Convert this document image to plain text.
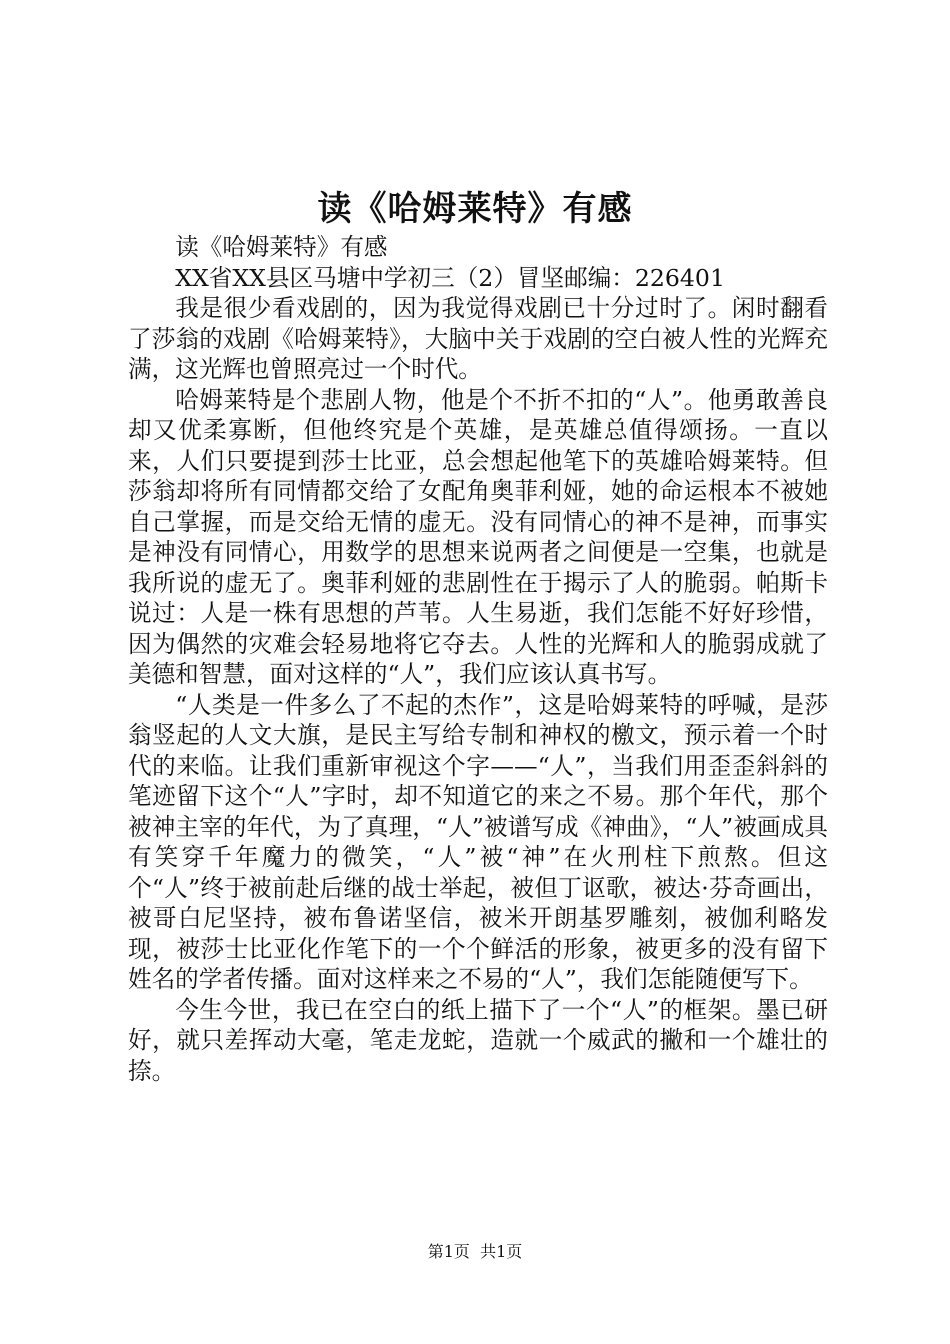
读《哈姆莱特》有感

读《哈姆莱特》有感

XX省XX县区马塘中学初三（2）冒坚邮编：226401

我是很少看戏剧的，因为我觉得戏剧已十分过时了。闲时翻看了莎翁的戏剧《哈姆莱特》，大脑中关于戏剧的空白被人性的光辉充满，这光辉也曾照亮过一个时代。

哈姆莱特是个悲剧人物，他是个不折不扣的“人”。他勇敢善良却又优柔寡断，但他终究是个英雄，是英雄总值得颂扬。一直以来，人们只要提到莎士比亚，总会想起他笔下的英雄哈姆莱特。但莎翁却将所有同情都交给了女配角奥菲利娅，她的命运根本不被她自己掌握，而是交给无情的虚无。没有同情心的神不是神，而事实是神没有同情心，用数学的思想来说两者之间便是一空集，也就是我所说的虚无了。奥菲利娅的悲剧性在于揭示了人的脆弱。帕斯卡说过：人是一株有思想的芦苇。人生易逝，我们怎能不好好珍惜，因为偶然的灾难会轻易地将它夺去。人性的光辉和人的脆弱成就了美德和智慧，面对这样的“人”，我们应该认真书写。

“人类是一件多么了不起的杰作”，这是哈姆莱特的呼喊，是莎翁竖起的人文大旗，是民主写给专制和神权的檄文，预示着一个时代的来临。让我们重新审视这个字——“人”，当我们用歪歪斜斜的笔迹留下这个“人”字时，却不知道它的来之不易。那个年代，那个被神主宰的年代，为了真理，“人”被谱写成《神曲》，“人”被画成具有笑穿千年魔力的微笑，“人”被“神”在火刑柱下煎熬。但这个“人”终于被前赴后继的战士举起，被但丁讴歌，被达·芬奇画出，被哥白尼坚持，被布鲁诺坚信，被米开朗基罗雕刻，被伽利略发现，被莎士比亚化作笔下的一个个鲜活的形象，被更多的没有留下姓名的学者传播。面对这样来之不易的“人”，我们怎能随便写下。

今生今世，我已在空白的纸上描下了一个“人”的框架。墨已研好，就只差挥动大毫，笔走龙蛇，造就一个威武的撇和一个雄壮的捺。

第1页  共1页
